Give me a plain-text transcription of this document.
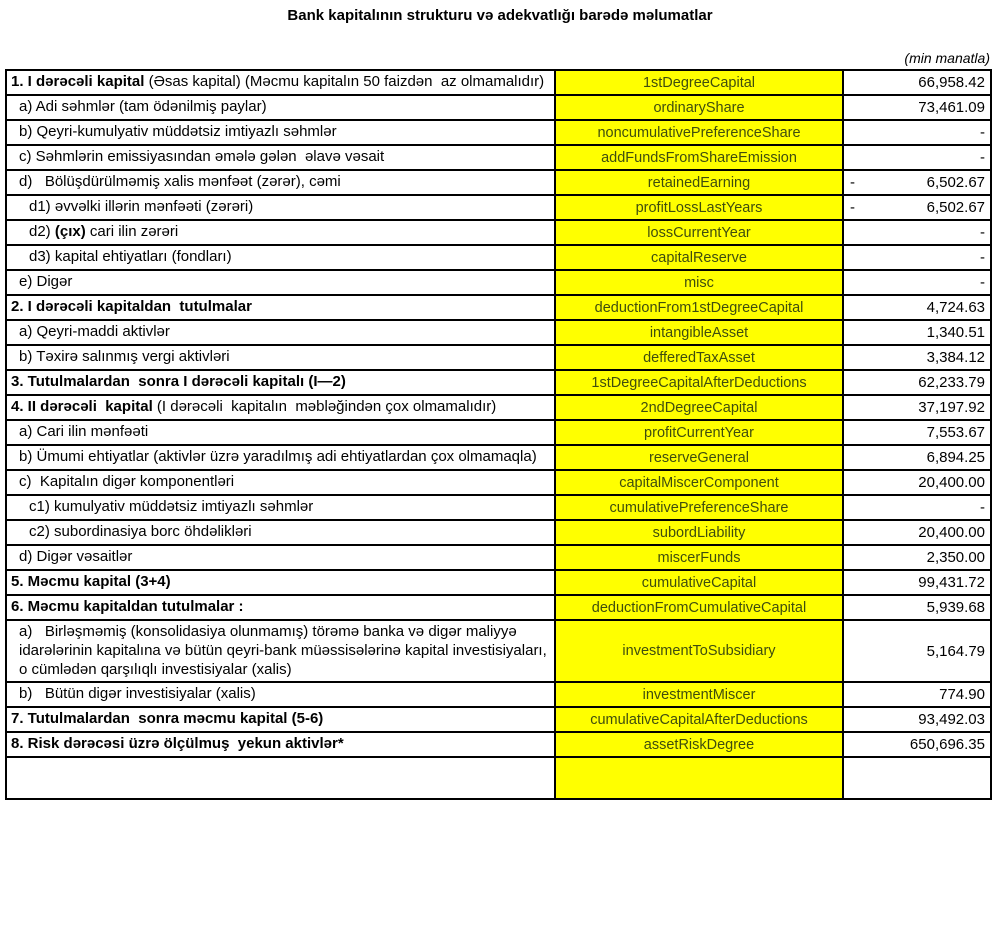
Bank kapitalının strukturu və adekvatlığı barədə məlumatlar
(min manatla)
1. I dərəcəli kapital (Əsas kapital) (Məcmu kapitalın 50 faizdən  az olmamalıdır)	1stDegreeCapital	66,958.42
a) Adi səhmlər (tam ödənilmiş paylar)	ordinaryShare	73,461.09
b) Qeyri-kumulyativ müddətsiz imtiyazlı səhmlər	noncumulativePreferenceShare	-
c) Səhmlərin emissiyasından əmələ gələn  əlavə vəsait	addFundsFromShareEmission	-
d)   Bölüşdürülməmiş xalis mənfəət (zərər), cəmi	retainedEarning	- 6,502.67
d1) əvvəlki illərin mənfəəti (zərəri)	profitLossLastYears	- 6,502.67
d2) (çıx) cari ilin zərəri	lossCurrentYear	-
d3) kapital ehtiyatları (fondları)	capitalReserve	-
e) Digər	misc	-
2. I dərəcəli kapitaldan  tutulmalar	deductionFrom1stDegreeCapital	4,724.63
a) Qeyri-maddi aktivlər	intangibleAsset	1,340.51
b) Təxirə salınmış vergi aktivləri	defferedTaxAsset	3,384.12
3. Tutulmalardan  sonra I dərəcəli kapitalı (I—2)	1stDegreeCapitalAfterDeductions	62,233.79
4. II dərəcəli  kapital (I dərəcəli  kapitalın  məbləğindən çox olmamalıdır)	2ndDegreeCapital	37,197.92
a) Cari ilin mənfəəti	profitCurrentYear	7,553.67
b) Ümumi ehtiyatlar (aktivlər üzrə yaradılmış adi ehtiyatlardan çox olmamaqla)	reserveGeneral	6,894.25
c)  Kapitalın digər komponentləri	capitalMiscerComponent	20,400.00
c1) kumulyativ müddətsiz imtiyazlı səhmlər	cumulativePreferenceShare	-
c2) subordinasiya borc öhdəlikləri	subordLiability	20,400.00
d) Digər vəsaitlər	miscerFunds	2,350.00
5. Məcmu kapital (3+4)	cumulativeCapital	99,431.72
6. Məcmu kapitaldan tutulmalar :	deductionFromCumulativeCapital	5,939.68
a)   Birləşməmiş (konsolidasiya olunmamış) törəmə banka və digər maliyyə idarələrinin kapitalına və bütün qeyri-bank müəssisələrinə kapital investisiyaları, o cümlədən qarşılıqlı investisiyalar (xalis)	investmentToSubsidiary	5,164.79
b)   Bütün digər investisiyalar (xalis)	investmentMiscer	774.90
7. Tutulmalardan  sonra məcmu kapital (5-6)	cumulativeCapitalAfterDeductions	93,492.03
8. Risk dərəcəsi üzrə ölçülmuş  yekun aktivlər*	assetRiskDegree	650,696.35
